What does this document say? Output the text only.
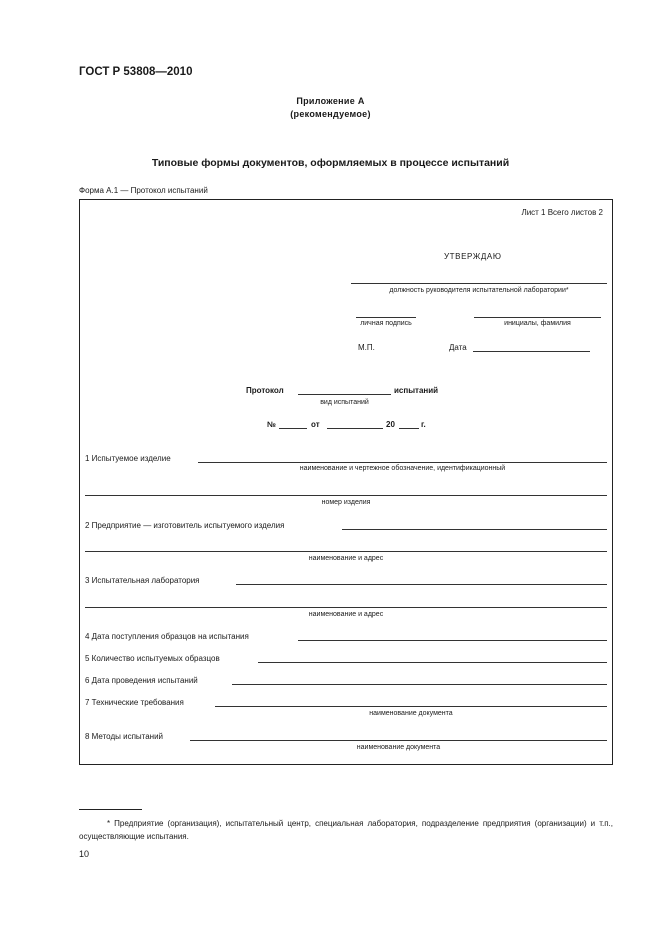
ГОСТ Р 53808—2010
Приложение А
(рекомендуемое)
Типовые формы документов, оформляемых в процессе испытаний
Форма А.1 — Протокол испытаний
Лист 1 Всего листов 2
УТВЕРЖДАЮ
должность руководителя испытательной лаборатории*
личная подпись	инициалы, фамилия
М.П.	Дата
Протокол	испытаний
вид испытаний
№	от	20	г.
1 Испытуемое изделие
наименование и чертежное обозначение, идентификационный
номер изделия
2 Предприятие — изготовитель испытуемого изделия
наименование и адрес
3 Испытательная лаборатория
наименование и адрес
4 Дата поступления образцов на испытания
5 Количество испытуемых образцов
6 Дата проведения испытаний
7 Технические требования
наименование документа
8 Методы испытаний
наименование документа
* Предприятие (организация), испытательный центр, специальная лаборатория, подразделение предприятия (организации) и т.п., осуществляющие испытания.
10
